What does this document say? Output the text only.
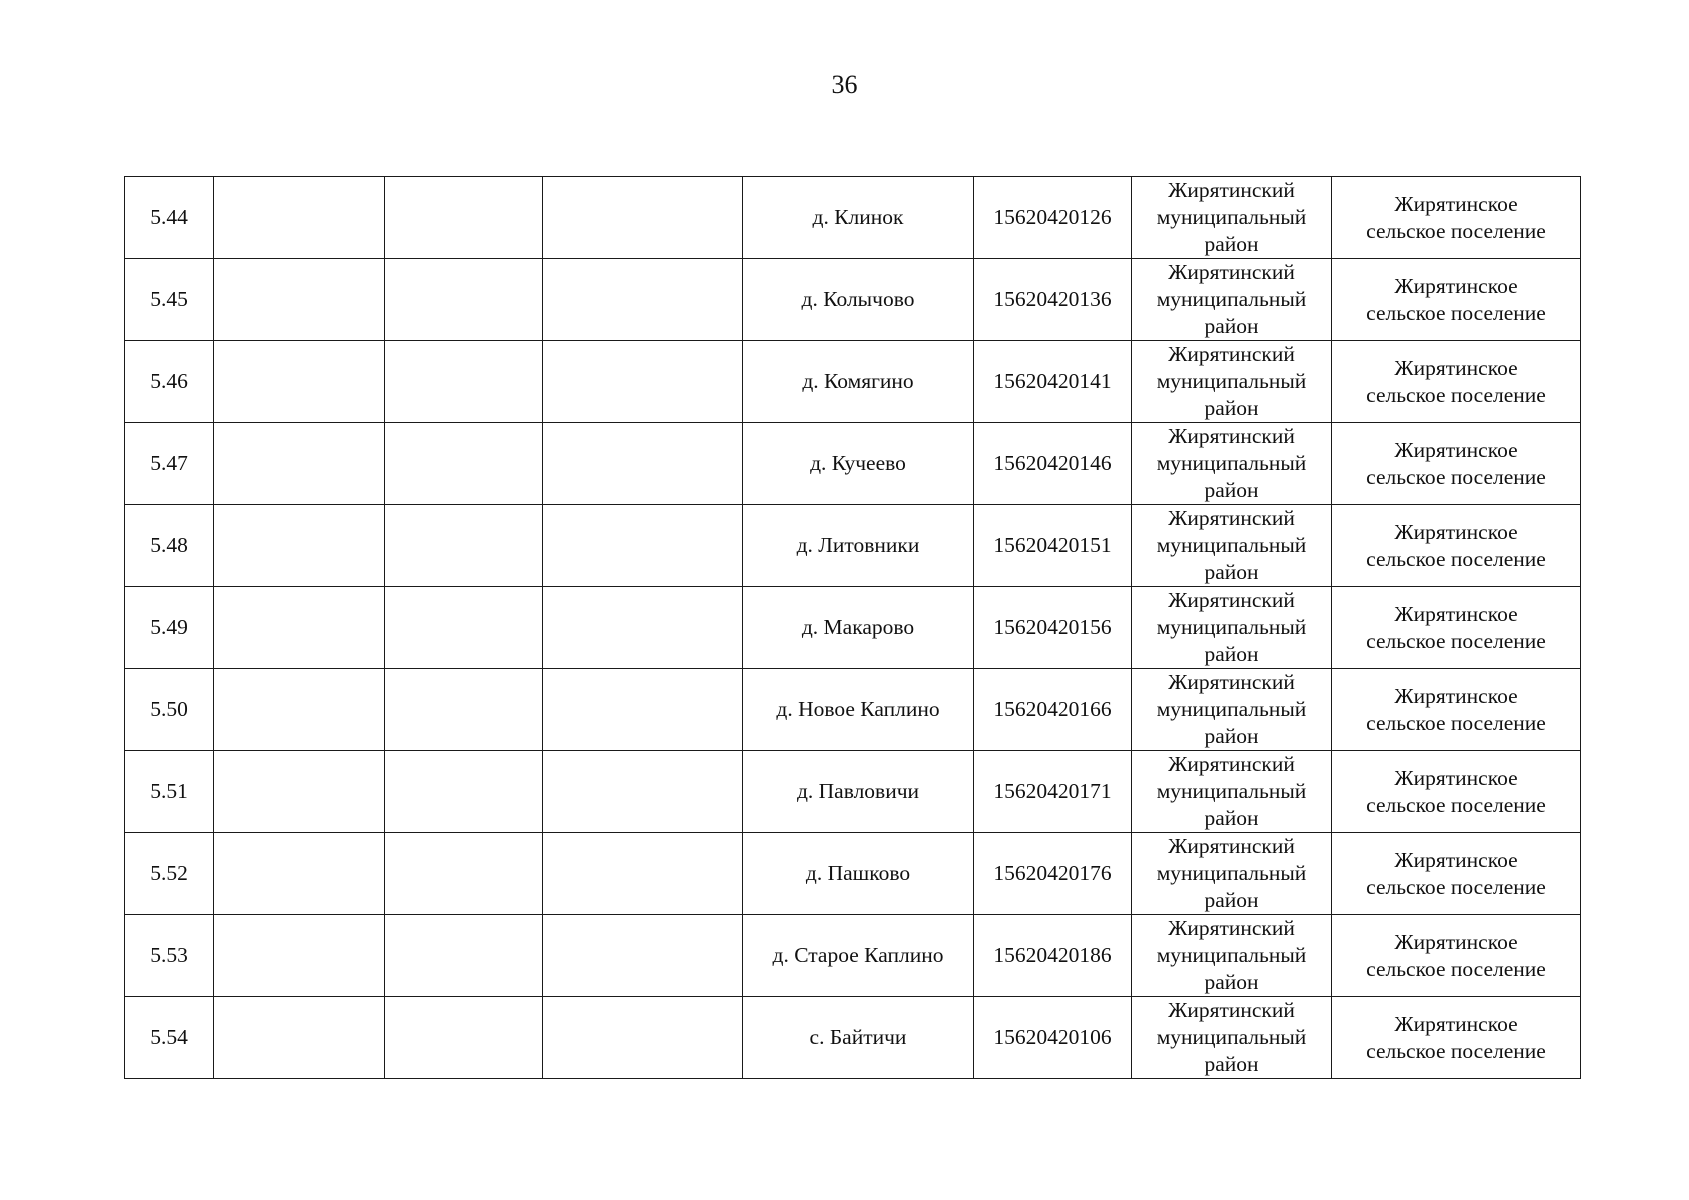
36
5.44				д. Клинок	15620420126	Жирятинский
муниципальный
район	Жирятинское
сельское поселение

5.45				д. Колычово	15620420136	Жирятинский
муниципальный
район	Жирятинское
сельское поселение

5.46				д. Комягино	15620420141	Жирятинский
муниципальный
район	Жирятинское
сельское поселение

5.47				д. Кучеево	15620420146	Жирятинский
муниципальный
район	Жирятинское
сельское поселение

5.48				д. Литовники	15620420151	Жирятинский
муниципальный
район	Жирятинское
сельское поселение

5.49				д. Макарово	15620420156	Жирятинский
муниципальный
район	Жирятинское
сельское поселение

5.50				д. Новое Каплино	15620420166	Жирятинский
муниципальный
район	Жирятинское
сельское поселение

5.51				д. Павловичи	15620420171	Жирятинский
муниципальный
район	Жирятинское
сельское поселение

5.52				д. Пашково	15620420176	Жирятинский
муниципальный
район	Жирятинское
сельское поселение

5.53				д. Старое Каплино	15620420186	Жирятинский
муниципальный
район	Жирятинское
сельское поселение

5.54				с. Байтичи	15620420106	Жирятинский
муниципальный
район	Жирятинское
сельское поселение
